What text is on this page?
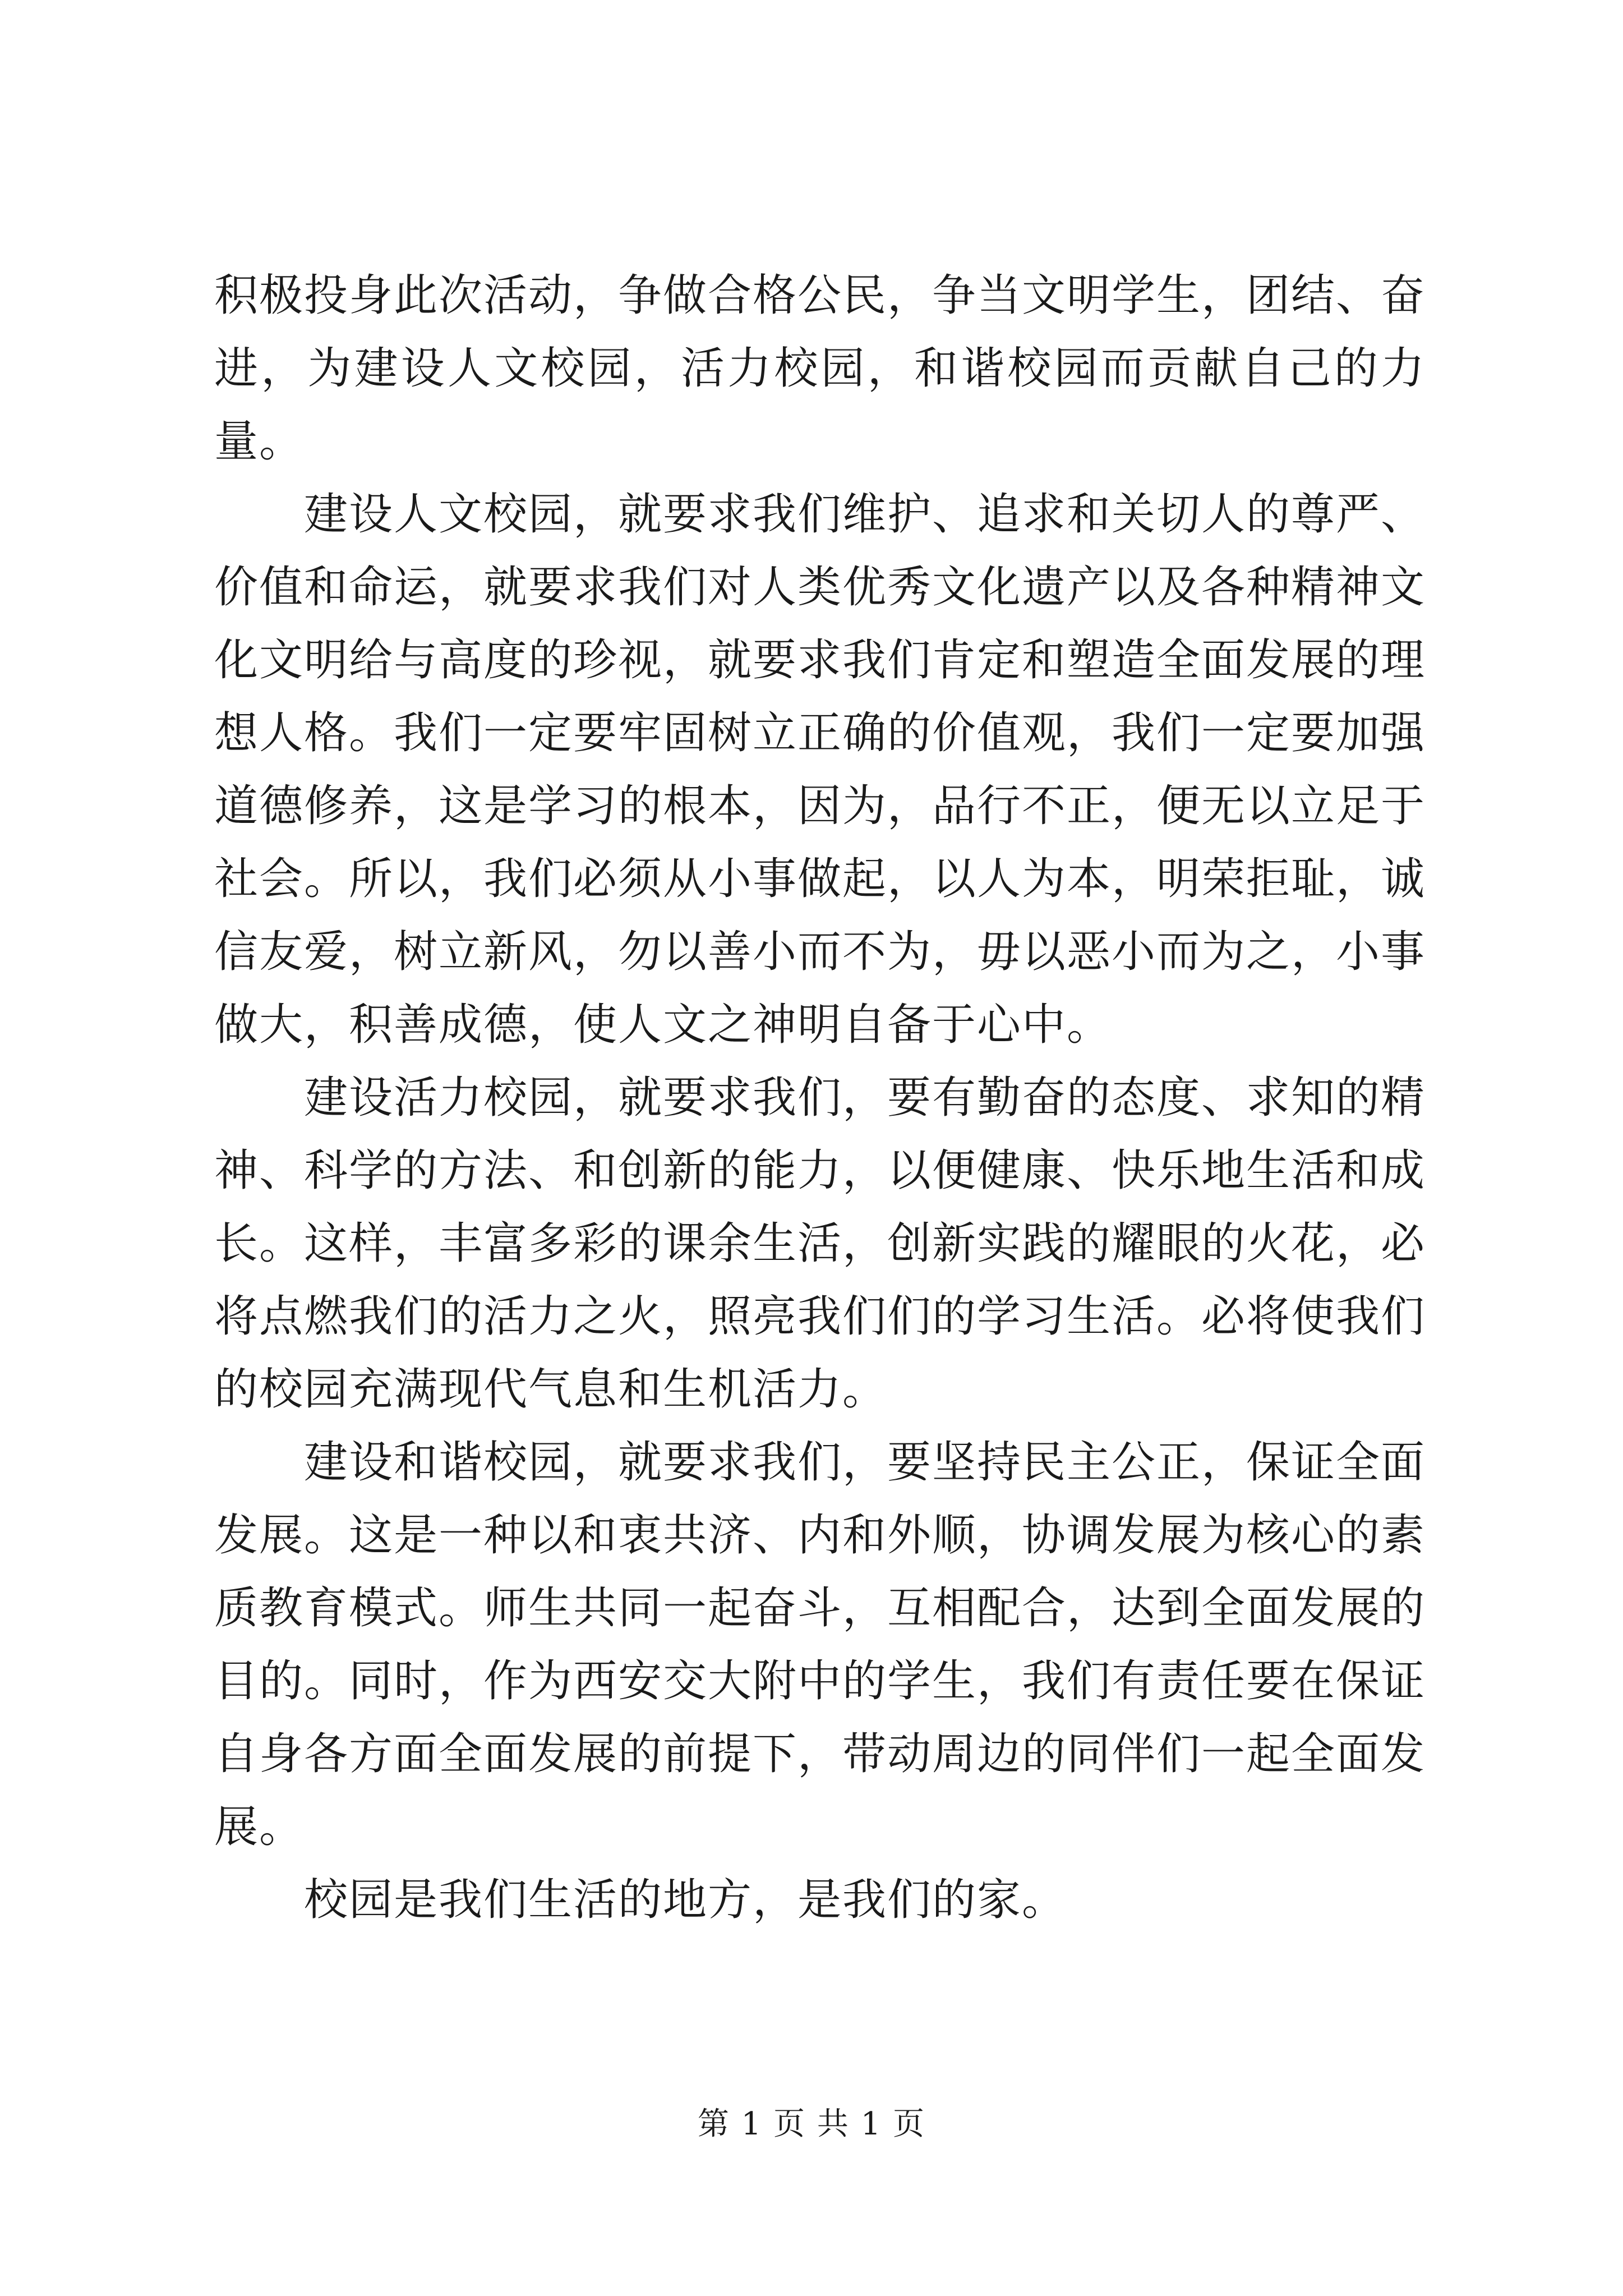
积极投身此次活动，争做合格公民，争当文明学生，团结、奋进，为建设人文校园，活力校园，和谐校园而贡献自己的力量。

建设人文校园，就要求我们维护、追求和关切人的尊严、价值和命运，就要求我们对人类优秀文化遗产以及各种精神文化文明给与高度的珍视，就要求我们肯定和塑造全面发展的理想人格。我们一定要牢固树立正确的价值观，我们一定要加强道德修养，这是学习的根本，因为，品行不正，便无以立足于社会。所以，我们必须从小事做起，以人为本，明荣拒耻，诚信友爱，树立新风，勿以善小而不为，毋以恶小而为之，小事做大，积善成德，使人文之神明自备于心中。

建设活力校园，就要求我们，要有勤奋的态度、求知的精神、科学的方法、和创新的能力，以便健康、快乐地生活和成长。这样，丰富多彩的课余生活，创新实践的耀眼的火花，必将点燃我们的活力之火，照亮我们们的学习生活。必将使我们的校园充满现代气息和生机活力。

建设和谐校园，就要求我们，要坚持民主公正，保证全面发展。这是一种以和衷共济、内和外顺，协调发展为核心的素质教育模式。师生共同一起奋斗，互相配合，达到全面发展的目的。同时，作为西安交大附中的学生，我们有责任要在保证自身各方面全面发展的前提下，带动周边的同伴们一起全面发展。

校园是我们生活的地方，是我们的家。

第 1 页 共 1 页
